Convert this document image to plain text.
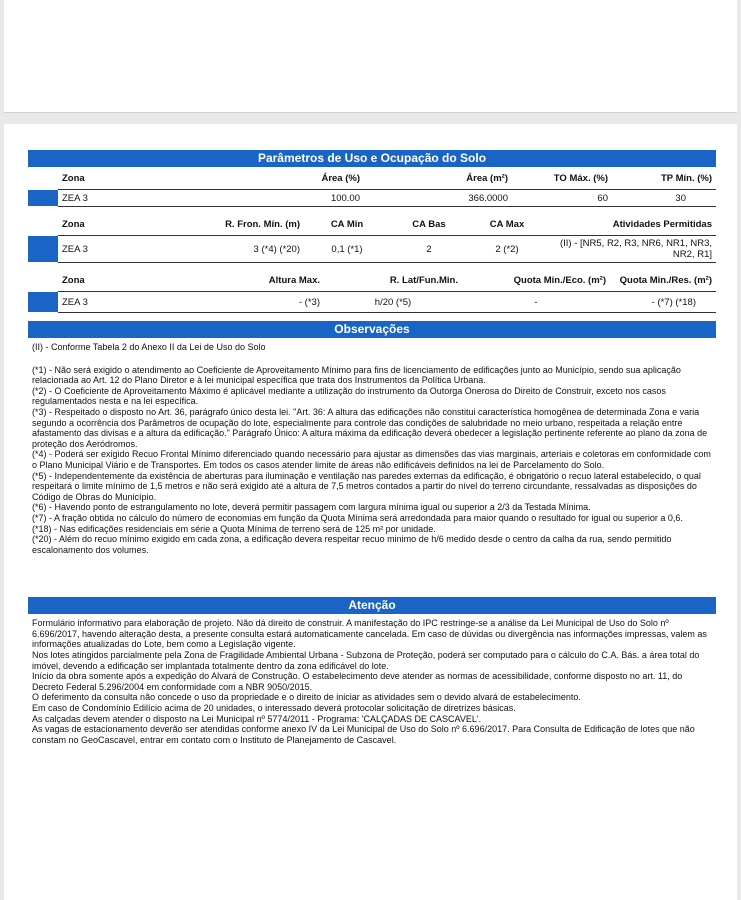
Parâmetros de Uso e Ocupação do Solo
	Zona	Área (%)	Área (m²)	TO Máx. (%)	TP Mín. (%)
	ZEA 3	100.00	366.0000	60	30
	Zona	R. Fron. Mín. (m)	CA Min	CA Bas	CA Max	Atividades Permitidas
	ZEA 3	3 (*4) (*20)	0,1 (*1)	2	2 (*2)	(II) - [NR5, R2, R3, NR6, NR1, NR3, NR2, R1]
	Zona	Altura Max.	R. Lat/Fun.Min.	Quota Min./Eco. (m²)	Quota Min./Res. (m²)
	ZEA 3	- (*3)	h/20 (*5)	-	- (*7) (*18)
Observações

(II) - Conforme Tabela 2 do Anexo II da Lei de Uso do Solo

(*1) - Não será exigido o atendimento ao Coeficiente de Aproveitamento Mínimo para fins de licenciamento de edificações junto ao Município, sendo sua aplicação relacionada ao Art. 12 do Plano Diretor e à lei municipal específica que trata dos Instrumentos da Política Urbana.

(*2) - O Coeficiente de Aproveitamento Máximo é aplicável mediante a utilização do instrumento da Outorga Onerosa do Direito de Construir, exceto nos casos regulamentados nesta e na lei específica.

(*3) - Respeitado o disposto no Art. 36, parágrafo único desta lei. "Art. 36: A altura das edificações não constitui característica homogênea de determinada Zona e varia segundo a ocorrência dos Parâmetros de ocupação do lote, especialmente para controle das condições de salubridade no meio urbano, respeitada a relação entre afastamento das divisas e a altura da edificação." Parágrafo Único: A altura máxima da edificação deverá obedecer a legislação pertinente referente ao plano da zona de proteção dos Aeródromos.

(*4) - Poderá ser exigido Recuo Frontal Mínimo diferenciado quando necessário para ajustar as dimensões das vias marginais, arteriais e coletoras em conformidade com o Plano Municipal Viário e de Transportes. Em todos os casos atender limite de áreas não edificáveis definidos na lei de Parcelamento do Solo.

(*5) - Independentemente da existência de aberturas para iluminação e ventilação nas paredes externas da edificação, é obrigatório o recuo lateral estabelecido, o qual respeitará o limite mínimo de 1,5 metros e não será exigido até a altura de 7,5 metros contados a partir do nível do terreno circundante, ressalvadas as disposições do Código de Obras do Município.

(*6) - Havendo ponto de estrangulamento no lote, deverá permitir passagem com largura mínima igual ou superior a 2/3 da Testada Mínima.

(*7) - A fração obtida no cálculo do número de economias em função da Quota Mínima será arredondada para maior quando o resultado for igual ou superior a 0,6.

(*18) - Nas edificações residenciais em série a Quota Mínima de terreno será de 125 m² por unidade.

(*20) - Além do recuo mínimo exigido em cada zona, a edificação devera respeitar recuo minimo de h/6 medido desde o centro da calha da rua, sendo permitido escalonamento dos volumes.

Atenção

Formulário informativo para elaboração de projeto. Não dá direito de construir. A manifestação do IPC restringe-se a análise da Lei Municipal de Uso do Solo nº 6.696/2017, havendo alteração desta, a presente consulta estará automaticamente cancelada. Em caso de dúvidas ou divergência nas informações impressas, valem as informações atualizadas do Lote, bem como a Legislação vigente.

Nos lotes atingidos parcialmente pela Zona de Fragilidade Ambiental Urbana - Subzona de Proteção, poderá ser computado para o cálculo do C.A. Bás. a área total do imóvel, devendo a edificação ser implantada totalmente dentro da zona edificável do lote.

Início da obra somente após a expedição do Alvará de Construção. O estabelecimento deve atender as normas de acessibilidade, conforme disposto no art. 11, do Decreto Federal 5.296/2004 em conformidade com a NBR 9050/2015.

O deferimento da consulta não concede o uso da propriedade e o direito de iniciar as atividades sem o devido alvará de estabelecimento.

Em caso de Condomínio Edilício acima de 20 unidades, o interessado deverá protocolar solicitação de diretrizes básicas.

As calçadas devem atender o disposto na Lei Municipal nº 5774/2011 - Programa: 'CALÇADAS DE CASCAVEL'.

As vagas de estacionamento deverão ser atendidas conforme anexo IV da Lei Municipal de Uso do Solo nº 6.696/2017. Para Consulta de Edificação de lotes que não constam no GeoCascavel, entrar em contato com o Instituto de Planejamento de Cascavel.
